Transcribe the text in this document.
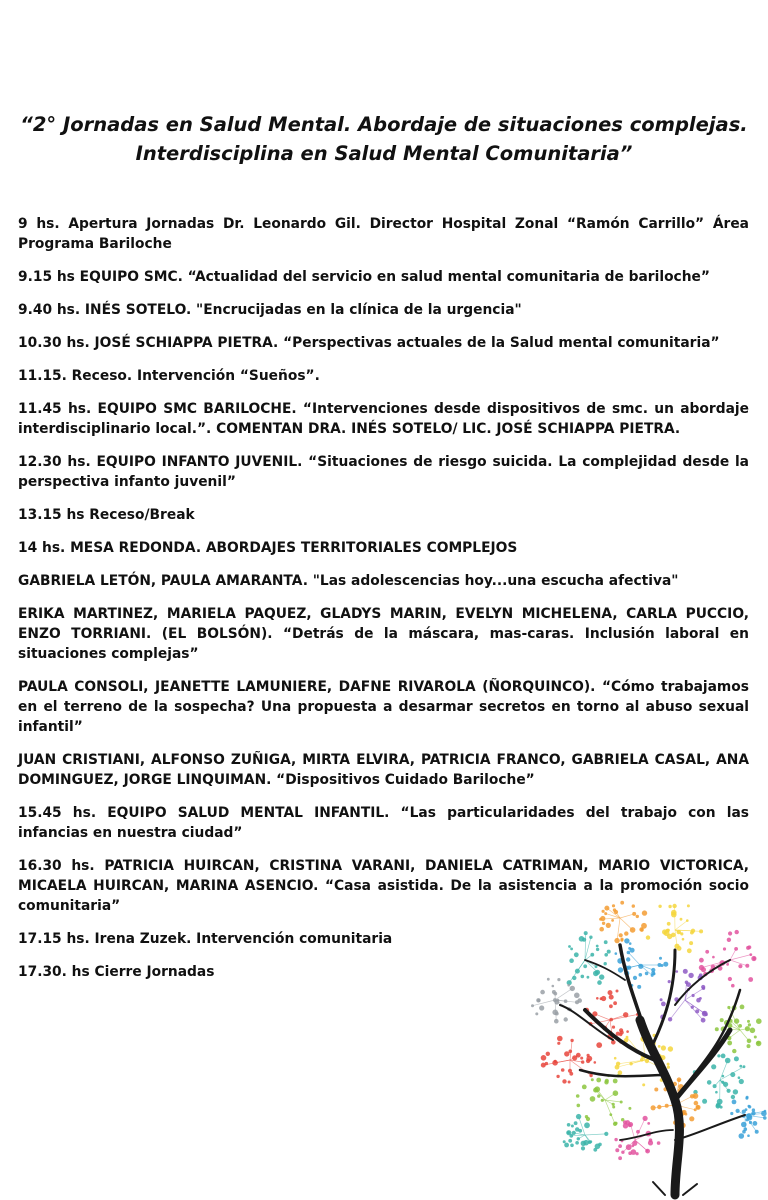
“2° Jornadas en Salud Mental. Abordaje de situaciones complejas.
Interdisciplina en Salud Mental Comunitaria”
9 hs. Apertura Jornadas Dr. Leonardo Gil. Director Hospital Zonal “Ramón Carrillo” Área Programa Bariloche
9.15 hs EQUIPO SMC. “Actualidad del servicio en salud mental comunitaria de bariloche”
9.40 hs. INÉS SOTELO. "Encrucijadas en la clínica de la urgencia"
10.30 hs. JOSÉ SCHIAPPA PIETRA. “Perspectivas actuales de la Salud mental comunitaria”
11.15. Receso. Intervención “Sueños”.
11.45 hs. EQUIPO SMC BARILOCHE. “Intervenciones desde dispositivos de smc. un abordaje interdisciplinario local.”. COMENTAN DRA. INÉS SOTELO/ LIC. JOSÉ SCHIAPPA PIETRA.
12.30 hs. EQUIPO INFANTO JUVENIL. “Situaciones de riesgo suicida. La complejidad desde la perspectiva infanto juvenil”
13.15 hs Receso/Break
14 hs. MESA REDONDA. ABORDAJES TERRITORIALES COMPLEJOS
GABRIELA LETÓN, PAULA AMARANTA. "Las adolescencias hoy...una escucha afectiva"
ERIKA MARTINEZ, MARIELA PAQUEZ, GLADYS MARIN, EVELYN MICHELENA, CARLA PUCCIO, ENZO TORRIANI. (EL BOLSÓN). “Detrás de la máscara, mas-caras. Inclusión laboral en situaciones complejas”
PAULA CONSOLI, JEANETTE LAMUNIERE, DAFNE RIVAROLA (ÑORQUINCO). “Cómo trabajamos en el terreno de la sospecha? Una propuesta a desarmar secretos en torno al abuso sexual infantil”
JUAN CRISTIANI, ALFONSO ZUÑIGA, MIRTA ELVIRA, PATRICIA FRANCO, GABRIELA CASAL, ANA DOMINGUEZ, JORGE LINQUIMAN. “Dispositivos Cuidado Bariloche”
15.45 hs. EQUIPO SALUD MENTAL INFANTIL. “Las particularidades del trabajo con las infancias en nuestra ciudad”
16.30 hs. PATRICIA HUIRCAN, CRISTINA VARANI, DANIELA CATRIMAN, MARIO VICTORICA, MICAELA HUIRCAN, MARINA ASENCIO. “Casa asistida. De la asistencia a la promoción socio comunitaria”
17.15 hs. Irena Zuzek. Intervención comunitaria
17.30. hs Cierre Jornadas
